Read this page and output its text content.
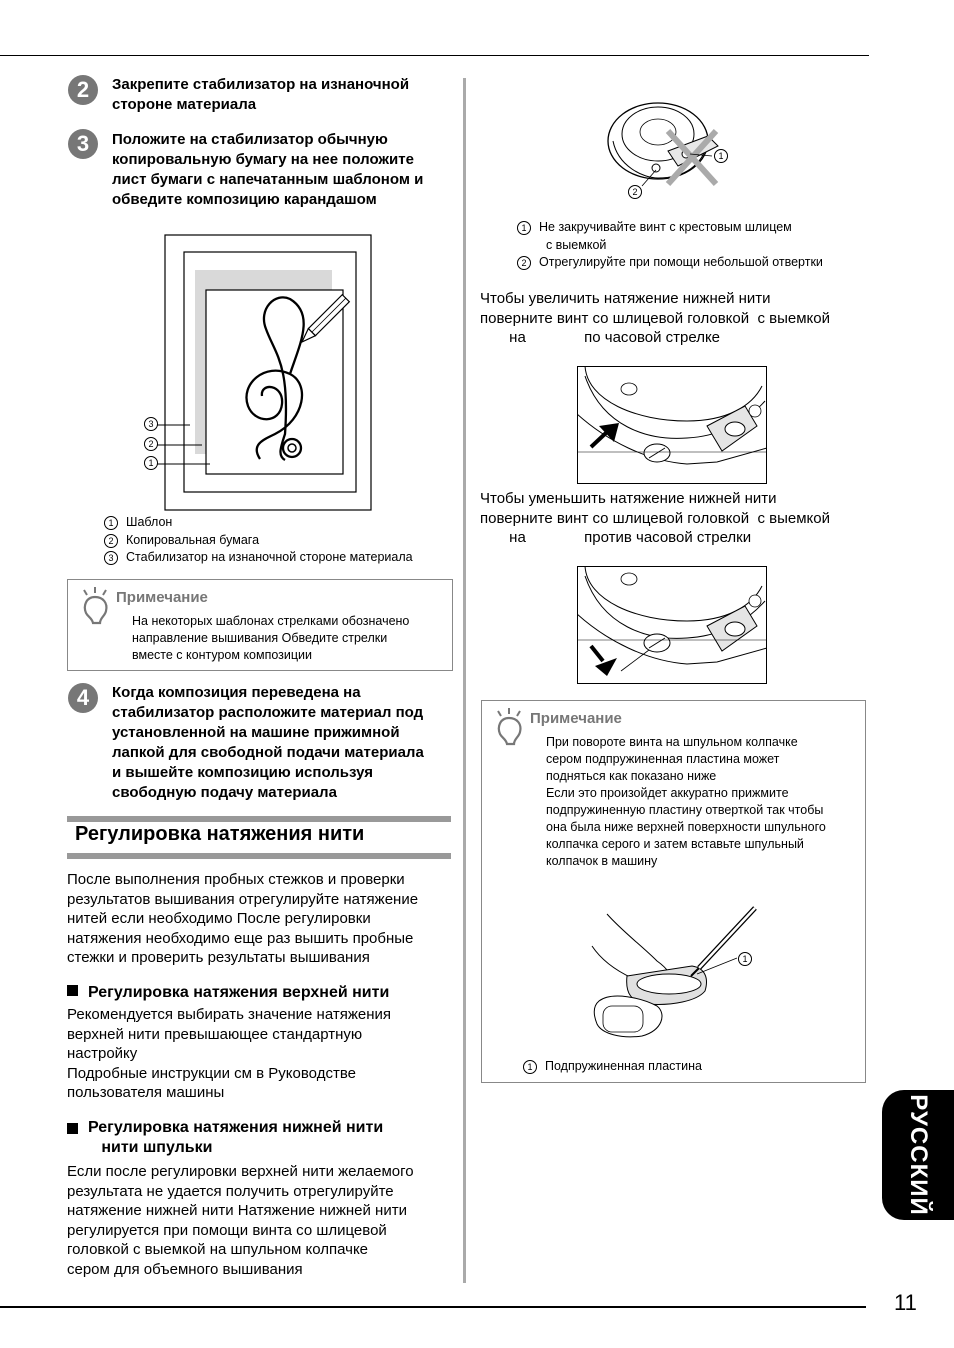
2	Закрепите стабилизатор на изнаночной
стороне материала
3	Положите на стабилизатор обычную
копировальную бумагу на нее положите
лист бумаги с напечатанным шаблоном и
обведите композицию карандашом
3
2
1
1	Шаблон
2	Копировальная бумага
3	Стабилизатор на изнаночной стороне материала
Примечание
На некоторых шаблонах стрелками обозначено
направление вышивания Обведите стрелки
вместе с контуром композиции
4	Когда композиция переведена на
стабилизатор расположите материал под
установленной на машине прижимной
лапкой для свободной подачи материала
и вышейте композицию используя
свободную подачу материала
Регулировка натяжения нити
После выполнения пробных стежков и проверки
результатов вышивания отрегулируйте натяжение
нитей если необходимо После регулировки
натяжения необходимо еще раз вышить пробные
стежки и проверить результаты вышивания
Регулировка натяжения верхней нити
Рекомендуется выбирать значение натяжения
верхней нити превышающее стандартную
настройку
Подробные инструкции см в Руководстве
пользователя машины
Регулировка натяжения нижней нити
нити шпульки
Если после регулировки верхней нити желаемого
результата не удается получить отрегулируйте
натяжение нижней нити Натяжение нижней нити
регулируется при помощи винта со шлицевой
головкой с выемкой на шпульном колпачке
сером для объемного вышивания
1
2
1	Не закручивайте винт с крестовым шлицем
с выемкой
2	Отрегулируйте при помощи небольшой отвертки
Чтобы увеличить натяжение нижней нити
поверните винт со шлицевой головкой  с выемкой
на              по часовой стрелке
Чтобы уменьшить натяжение нижней нити
поверните винт со шлицевой головкой  с выемкой
на              против часовой стрелки
Примечание
При повороте винта на шпульном колпачке
сером подпружиненная пластина может
подняться как показано ниже
Если это произойдет аккуратно прижмите
подпружиненную пластину отверткой так чтобы
она была ниже верхней поверхности шпульного
колпачка серого и затем вставьте шпульный
колпачок в машину
1
1	Подпружиненная пластина
РУССКИЙ
11
